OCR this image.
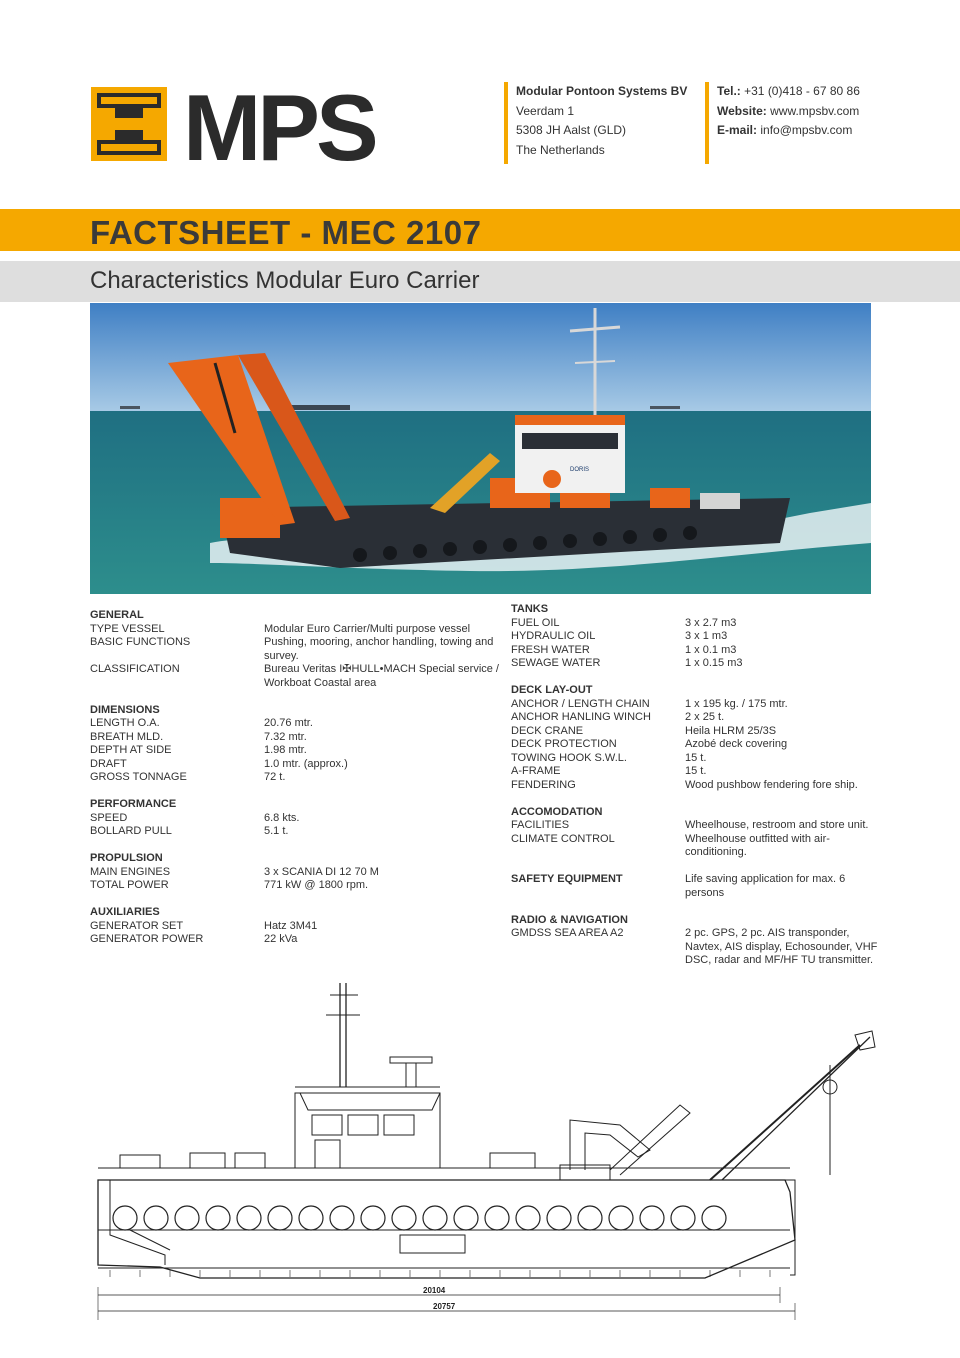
MPS	Modular Pontoon Systems BV
Veerdam 1
5308 JH Aalst (GLD)
The Netherlands
Tel.: +31 (0)418 - 67 80 86
Website: www.mpsbv.com
E-mail: info@mpsbv.com
FACTSHEET - MEC 2107
Characteristics Modular Euro Carrier
DORIS
GENERAL
TYPE VESSEL	Modular Euro Carrier/Multi purpose vessel
BASIC FUNCTIONS	Pushing, mooring, anchor handling, towing and survey.
CLASSIFICATION	Bureau Veritas I✠HULL•MACH Special service / Workboat Coastal area
DIMENSIONS
LENGTH O.A.	20.76 mtr.
BREATH MLD.	7.32 mtr.
DEPTH AT SIDE	1.98 mtr.
DRAFT	1.0 mtr. (approx.)
GROSS TONNAGE	72 t.
PERFORMANCE
SPEED	6.8 kts.
BOLLARD PULL	5.1 t.
PROPULSION
MAIN ENGINES	3 x SCANIA DI 12 70 M
TOTAL POWER	771 kW @ 1800 rpm.
AUXILIARIES
GENERATOR SET	Hatz 3M41
GENERATOR POWER	22 kVa
TANKS
FUEL OIL	3 x 2.7 m3
HYDRAULIC OIL	3 x 1 m3
FRESH WATER	1 x 0.1 m3
SEWAGE WATER	1 x 0.15 m3
DECK LAY-OUT
ANCHOR / LENGTH CHAIN	1 x 195 kg. / 175 mtr.
ANCHOR HANLING WINCH	2 x 25 t.
DECK CRANE	Heila HLRM 25/3S
DECK PROTECTION	Azobé deck covering
TOWING HOOK S.W.L.	15 t.
A-FRAME	15 t.
FENDERING	Wood pushbow fendering fore ship.
ACCOMODATION
FACILITIES	Wheelhouse, restroom and store unit.
CLIMATE CONTROL	Wheelhouse outfitted with air-conditioning.
SAFETY EQUIPMENT	Life saving application for max. 6 persons
RADIO & NAVIGATION
GMDSS SEA AREA A2	2 pc. GPS, 2 pc. AIS transponder, Navtex, AIS display, Echosounder, VHF DSC, radar and MF/HF TU transmitter.
20104
20757
